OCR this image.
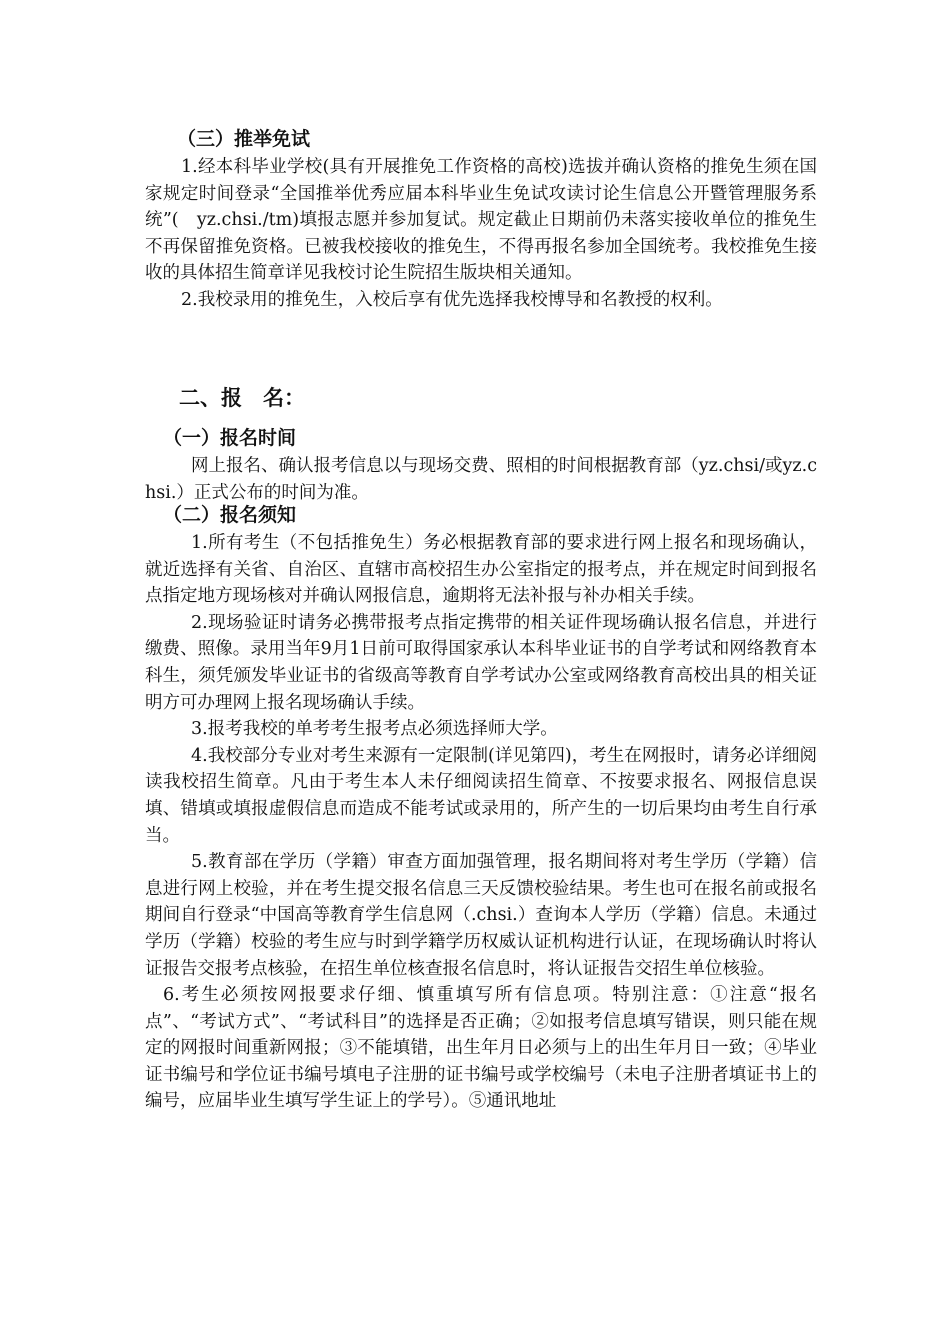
（三）推举免试

1.经本科毕业学校(具有开展推免工作资格的高校)选拔并确认资格的推免生须在国家规定时间登录“全国推举优秀应届本科毕业生免试攻读讨论生信息公开暨管理服务系统”(　yz.chsi./tm)填报志愿并参加复试。规定截止日期前仍未落实接收单位的推免生不再保留推免资格。已被我校接收的推免生，不得再报名参加全国统考。我校推免生接收的具体招生简章详见我校讨论生院招生版块相关通知。

2.我校录用的推免生，入校后享有优先选择我校博导和名教授的权利。

二、报　名：

（一）报名时间

网上报名、确认报考信息以与现场交费、照相的时间根据教育部（yz.chsi/或yz.chsi.）正式公布的时间为准。

（二）报名须知

1.所有考生（不包括推免生）务必根据教育部的要求进行网上报名和现场确认，就近选择有关省、自治区、直辖市高校招生办公室指定的报考点，并在规定时间到报名点指定地方现场核对并确认网报信息，逾期将无法补报与补办相关手续。

2.现场验证时请务必携带报考点指定携带的相关证件现场确认报名信息，并进行缴费、照像。录用当年9月1日前可取得国家承认本科毕业证书的自学考试和网络教育本科生，须凭颁发毕业证书的省级高等教育自学考试办公室或网络教育高校出具的相关证明方可办理网上报名现场确认手续。

3.报考我校的单考考生报考点必须选择师大学。

4.我校部分专业对考生来源有一定限制(详见第四)，考生在网报时，请务必详细阅读我校招生简章。凡由于考生本人未仔细阅读招生简章、不按要求报名、网报信息误填、错填或填报虚假信息而造成不能考试或录用的，所产生的一切后果均由考生自行承当。

5.教育部在学历（学籍）审查方面加强管理，报名期间将对考生学历（学籍）信息进行网上校验，并在考生提交报名信息三天反馈校验结果。考生也可在报名前或报名期间自行登录“中国高等教育学生信息网（.chsi.）查询本人学历（学籍）信息。未通过学历（学籍）校验的考生应与时到学籍学历权威认证机构进行认证，在现场确认时将认证报告交报考点核验，在招生单位核查报名信息时，将认证报告交招生单位核验。

6.考生必须按网报要求仔细、慎重填写所有信息项。特别注意：①注意“报名点”、“考试方式”、“考试科目”的选择是否正确；②如报考信息填写错误，则只能在规定的网报时间重新网报；③不能填错，出生年月日必须与上的出生年月日一致；④毕业证书编号和学位证书编号填电子注册的证书编号或学校编号（未电子注册者填证书上的编号，应届毕业生填写学生证上的学号）。⑤通讯地址
